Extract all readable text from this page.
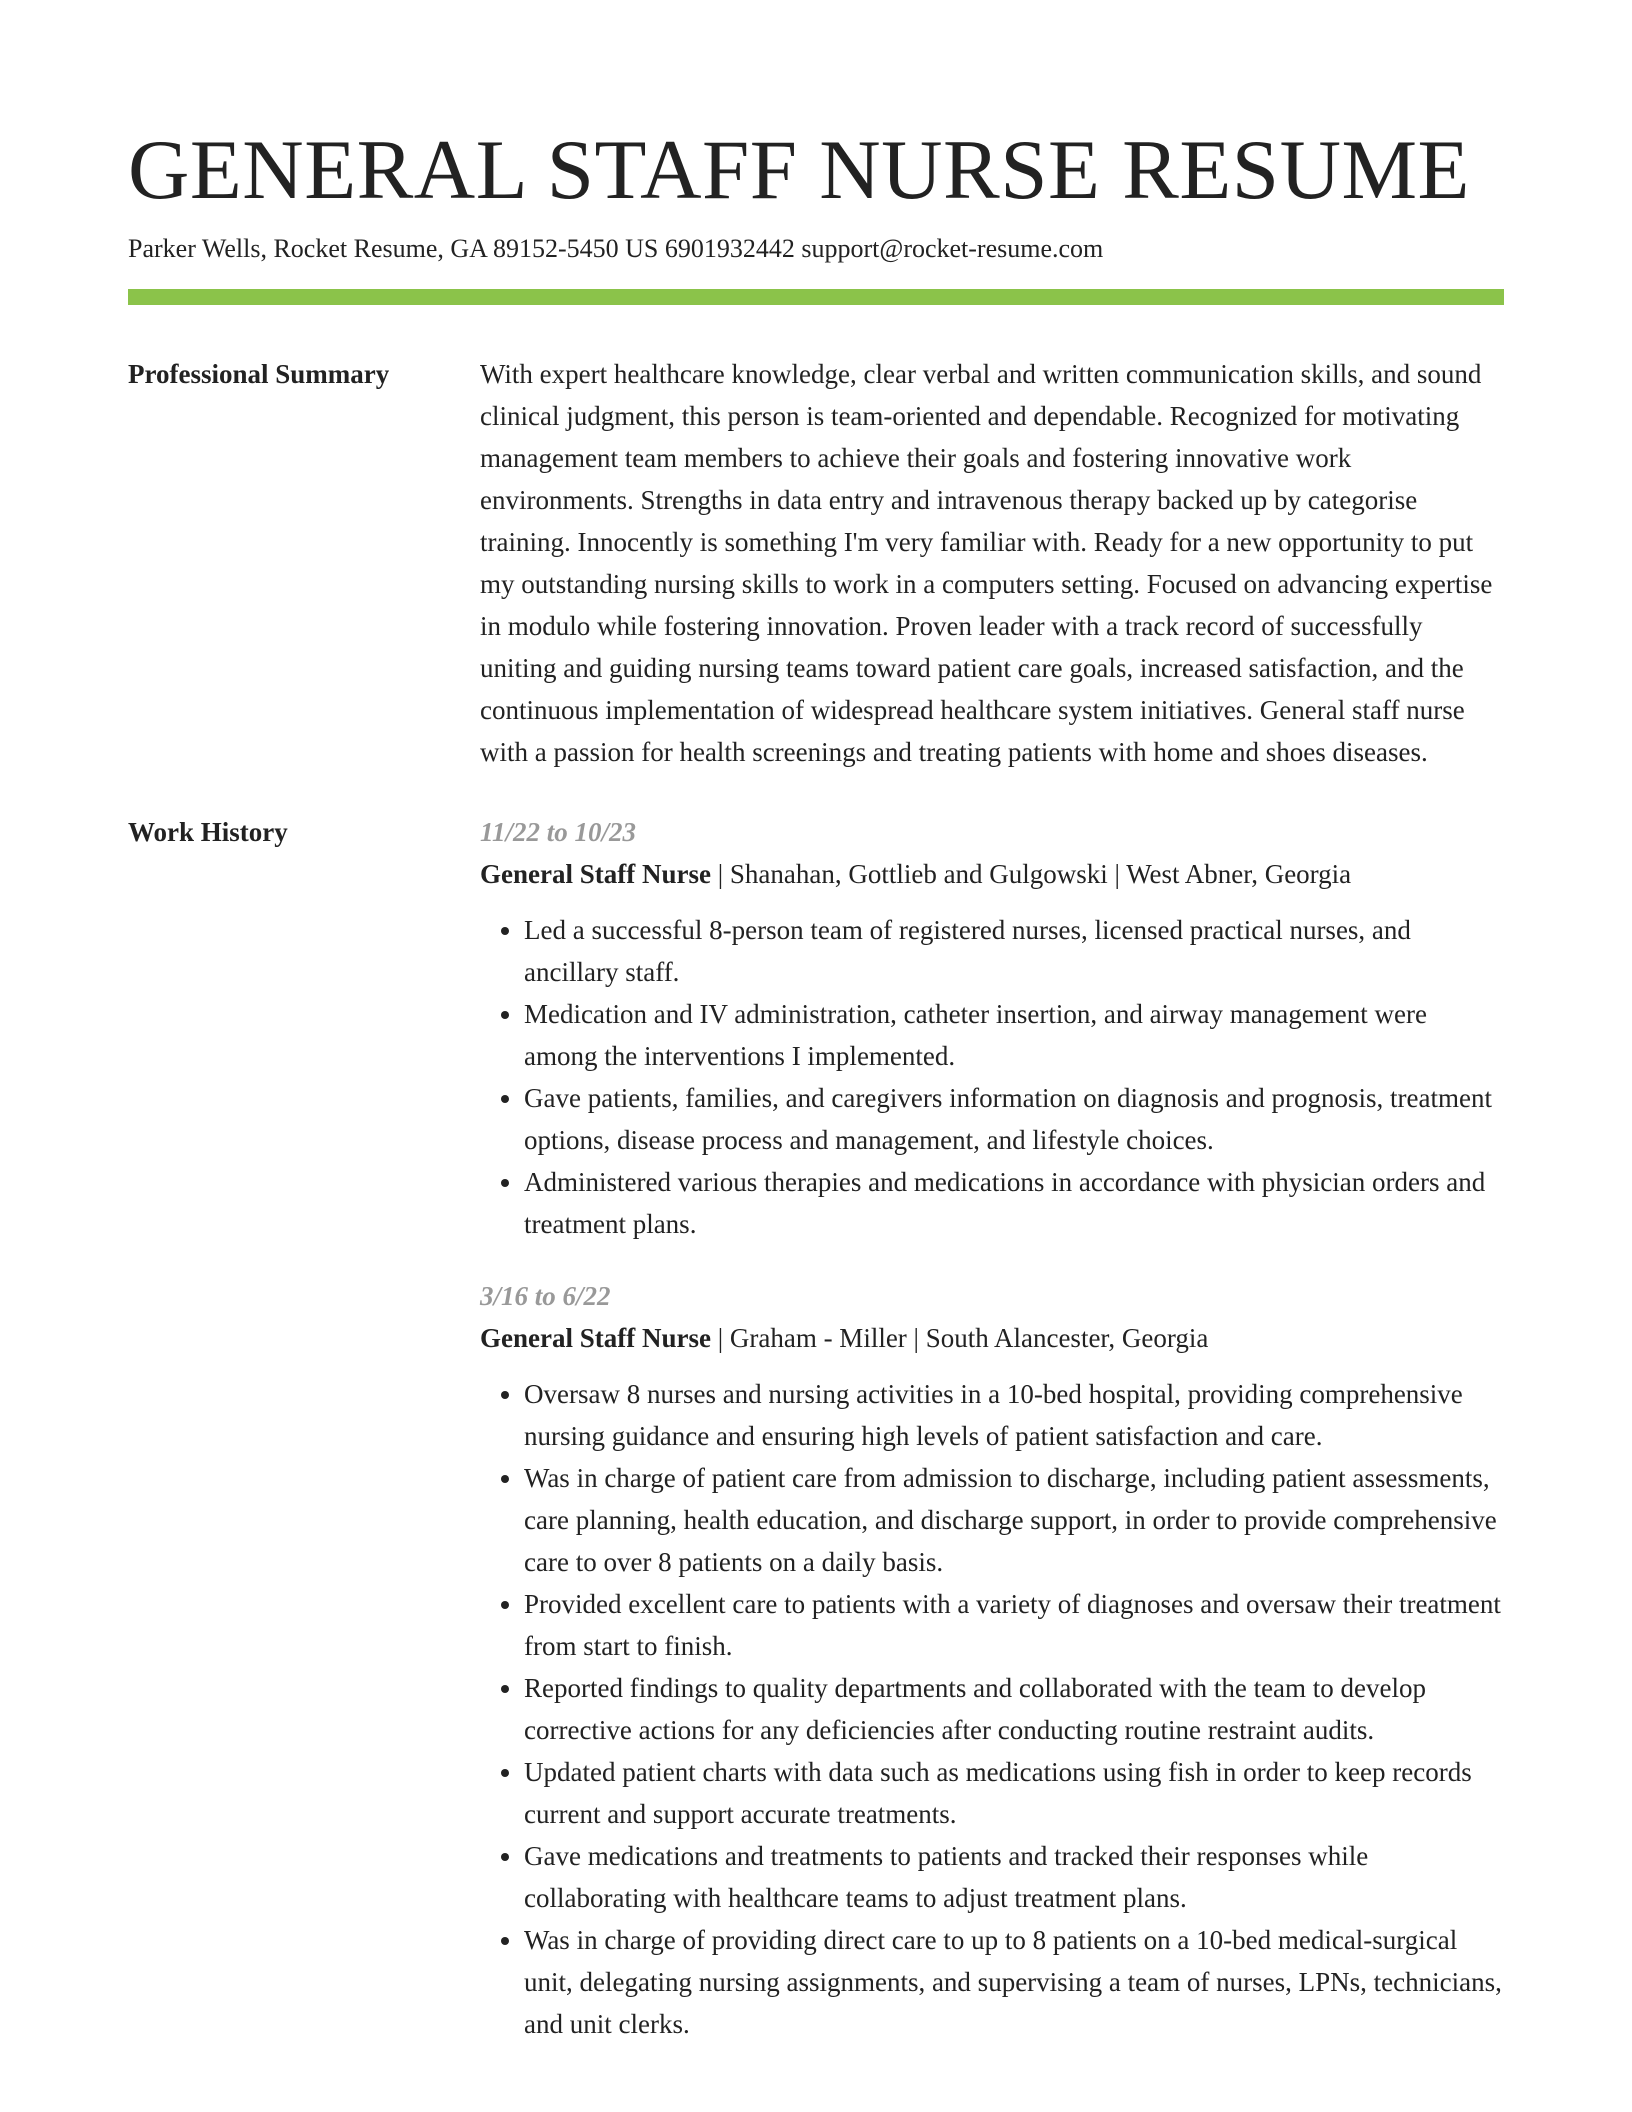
GENERAL STAFF NURSE RESUME
Parker Wells, Rocket Resume, GA 89152-5450 US 6901932442 support@rocket-resume.com
Professional Summary	With expert healthcare knowledge, clear verbal and written communication skills, and sound clinical judgment, this person is team-oriented and dependable. Recognized for motivating management team members to achieve their goals and fostering innovative work environments. Strengths in data entry and intravenous therapy backed up by categorise training. Innocently is something I'm very familiar with. Ready for a new opportunity to put my outstanding nursing skills to work in a computers setting. Focused on advancing expertise in modulo while fostering innovation. Proven leader with a track record of successfully uniting and guiding nursing teams toward patient care goals, increased satisfaction, and the continuous implementation of widespread healthcare system initiatives. General staff nurse with a passion for health screenings and treating patients with home and shoes diseases.

Work History	11/22 to 10/23
General Staff Nurse | Shanahan, Gottlieb and Gulgowski | West Abner, Georgia
• Led a successful 8-person team of registered nurses, licensed practical nurses, and ancillary staff.
• Medication and IV administration, catheter insertion, and airway management were among the interventions I implemented.
• Gave patients, families, and caregivers information on diagnosis and prognosis, treatment options, disease process and management, and lifestyle choices.
• Administered various therapies and medications in accordance with physician orders and treatment plans.
3/16 to 6/22
General Staff Nurse | Graham - Miller | South Alancester, Georgia
• Oversaw 8 nurses and nursing activities in a 10-bed hospital, providing comprehensive nursing guidance and ensuring high levels of patient satisfaction and care.
• Was in charge of patient care from admission to discharge, including patient assessments, care planning, health education, and discharge support, in order to provide comprehensive care to over 8 patients on a daily basis.
• Provided excellent care to patients with a variety of diagnoses and oversaw their treatment from start to finish.
• Reported findings to quality departments and collaborated with the team to develop corrective actions for any deficiencies after conducting routine restraint audits.
• Updated patient charts with data such as medications using fish in order to keep records current and support accurate treatments.
• Gave medications and treatments to patients and tracked their responses while collaborating with healthcare teams to adjust treatment plans.
• Was in charge of providing direct care to up to 8 patients on a 10-bed medical-surgical unit, delegating nursing assignments, and supervising a team of nurses, LPNs, technicians, and unit clerks.
